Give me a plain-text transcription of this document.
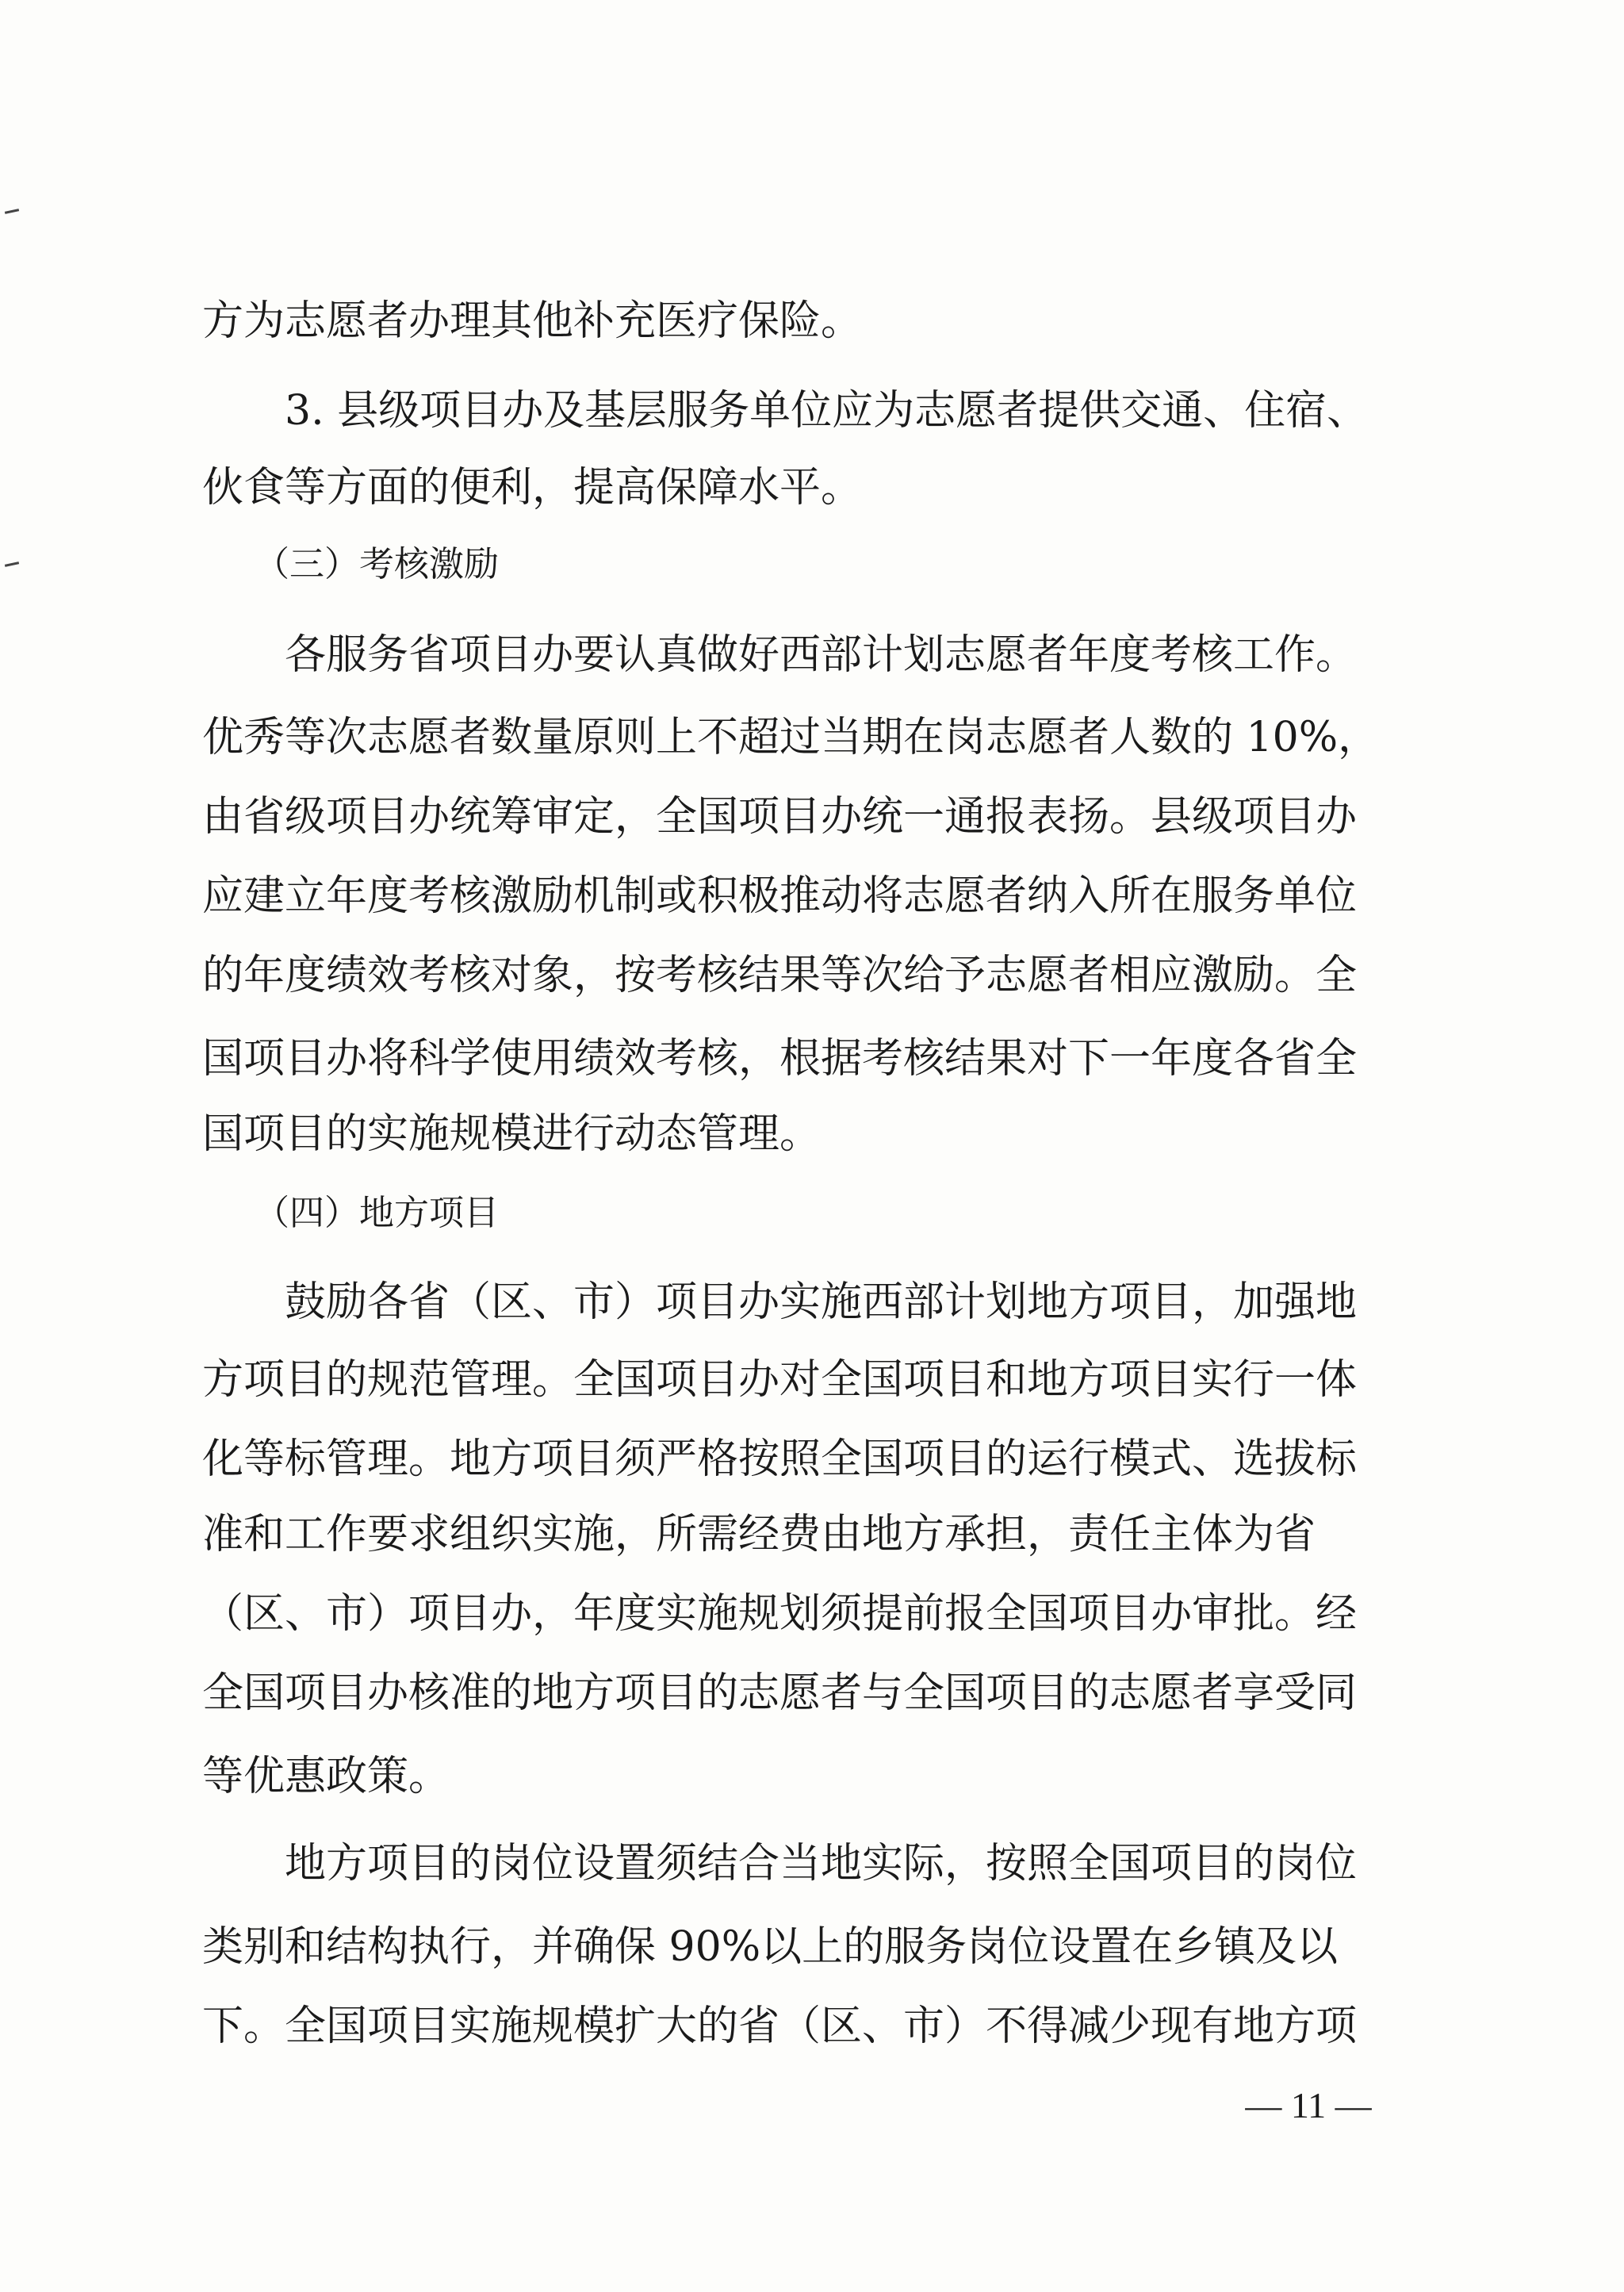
方为志愿者办理其他补充医疗保险。
　　3. 县级项目办及基层服务单位应为志愿者提供交通、住宿、
伙食等方面的便利，提高保障水平。
　　（三）考核激励
　　各服务省项目办要认真做好西部计划志愿者年度考核工作。
优秀等次志愿者数量原则上不超过当期在岗志愿者人数的 10%，
由省级项目办统筹审定，全国项目办统一通报表扬。县级项目办
应建立年度考核激励机制或积极推动将志愿者纳入所在服务单位
的年度绩效考核对象，按考核结果等次给予志愿者相应激励。全
国项目办将科学使用绩效考核，根据考核结果对下一年度各省全
国项目的实施规模进行动态管理。
　　（四）地方项目
　　鼓励各省（区、市）项目办实施西部计划地方项目，加强地
方项目的规范管理。全国项目办对全国项目和地方项目实行一体
化等标管理。地方项目须严格按照全国项目的运行模式、选拔标
准和工作要求组织实施，所需经费由地方承担，责任主体为省
（区、市）项目办，年度实施规划须提前报全国项目办审批。经
全国项目办核准的地方项目的志愿者与全国项目的志愿者享受同
等优惠政策。
　　地方项目的岗位设置须结合当地实际，按照全国项目的岗位
类别和结构执行，并确保 90%以上的服务岗位设置在乡镇及以
下。全国项目实施规模扩大的省（区、市）不得减少现有地方项
— 11 —
